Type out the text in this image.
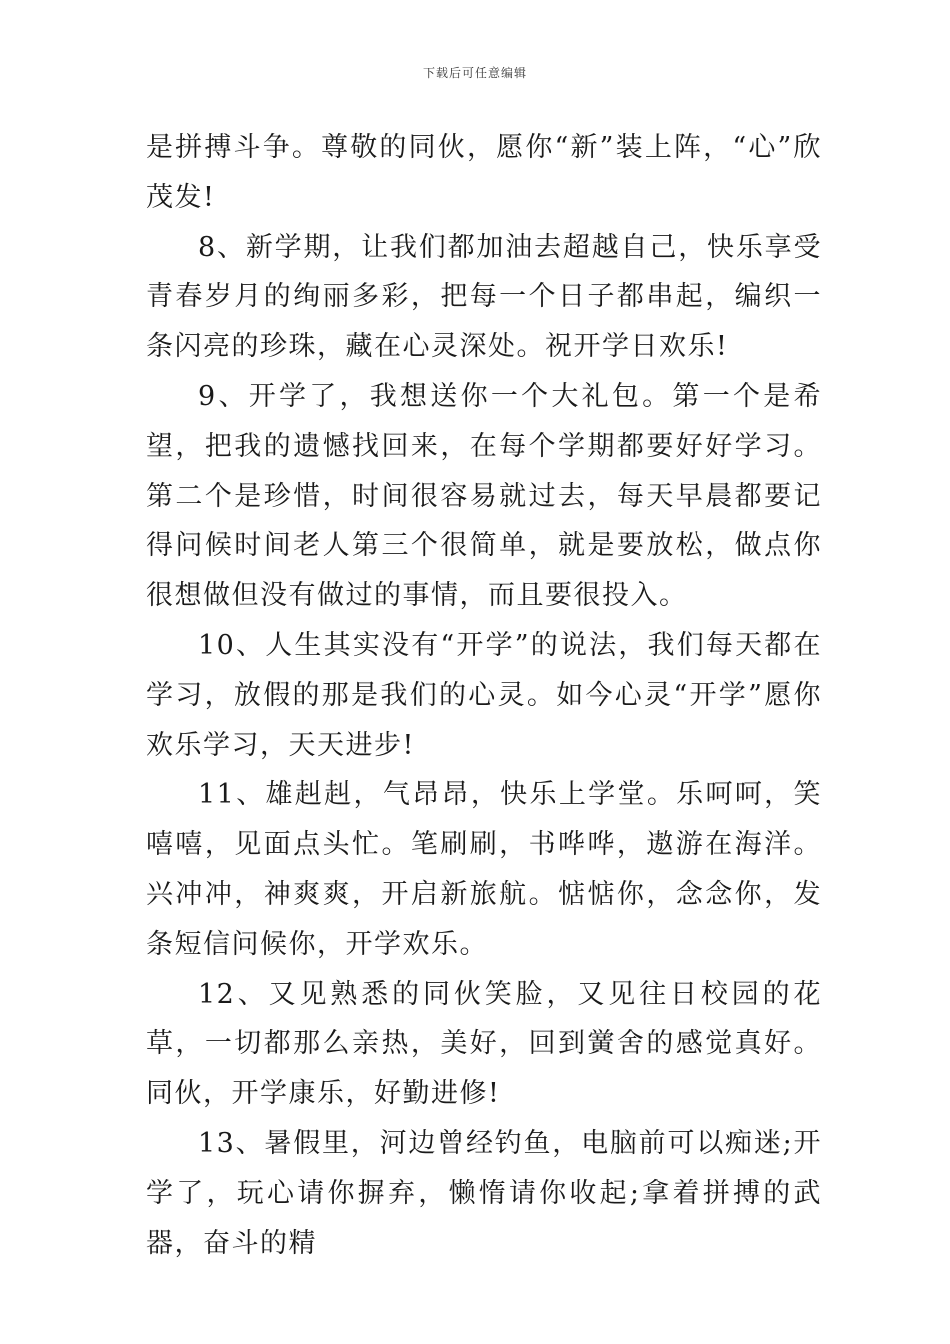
下载后可任意编辑

是拼搏斗争。尊敬的同伙，愿你“新”装上阵，“心”欣茂发!

8、新学期，让我们都加油去超越自己，快乐享受青春岁月的绚丽多彩，把每一个日子都串起，编织一条闪亮的珍珠，藏在心灵深处。祝开学日欢乐!

9、开学了，我想送你一个大礼包。第一个是希望，把我的遗憾找回来，在每个学期都要好好学习。第二个是珍惜，时间很容易就过去，每天早晨都要记得问候时间老人第三个很简单，就是要放松，做点你很想做但没有做过的事情，而且要很投入。

10、人生其实没有“开学”的说法，我们每天都在学习，放假的那是我们的心灵。如今心灵“开学”愿你欢乐学习，天天进步!

11、雄赳赳，气昂昂，快乐上学堂。乐呵呵，笑嘻嘻，见面点头忙。笔刷刷，书哗哗，遨游在海洋。兴冲冲，神爽爽，开启新旅航。惦惦你，念念你，发条短信问候你，开学欢乐。

12、又见熟悉的同伙笑脸，又见往日校园的花草，一切都那么亲热，美好，回到黉舍的感觉真好。同伙，开学康乐，好勤进修!

13、暑假里，河边曾经钓鱼，电脑前可以痴迷;开学了，玩心请你摒弃，懒惰请你收起;拿着拼搏的武器，奋斗的精
